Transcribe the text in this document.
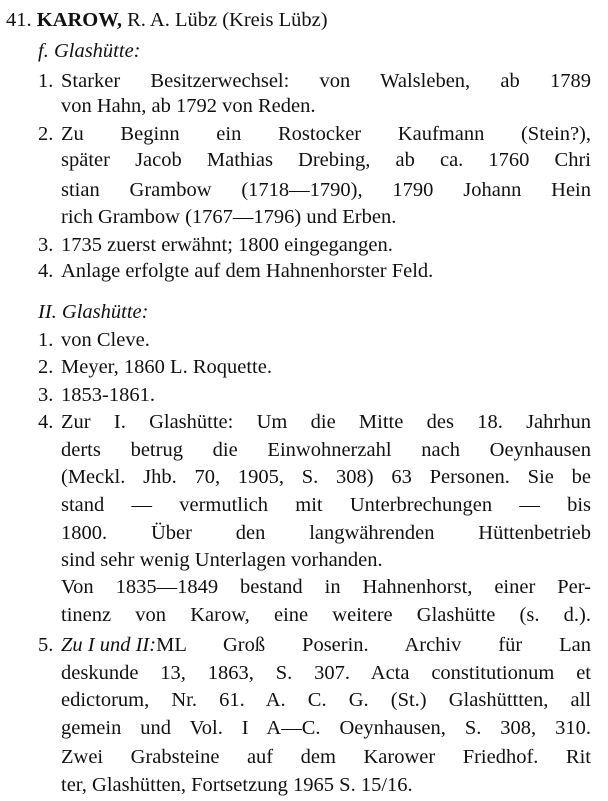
41. KAROW, R. A. Lübz (Kreis Lübz)
f. Glashütte:
1. Starker Besitzerwechsel: von Walsleben, ab 1789
von Hahn, ab 1792 von Reden.
2. Zu Beginn ein Rostocker Kaufmann (Stein?),
später Jacob Mathias Drebing, ab ca. 1760 Chri
stian Grambow (1718—1790), 1790 Johann Hein
rich Grambow (1767—1796) und Erben.
3. 1735 zuerst erwähnt; 1800 eingegangen.
4. Anlage erfolgte auf dem Hahnenhorster Feld.
II. Glashütte:
1. von Cleve.
2. Meyer, 1860 L. Roquette.
3. 1853-1861.
4. Zur I. Glashütte: Um die Mitte des 18. Jahrhun
derts betrug die Einwohnerzahl nach Oeynhausen
(Meckl. Jhb. 70, 1905, S. 308) 63 Personen. Sie be
stand — vermutlich mit Unterbrechungen — bis
1800. Über den langwährenden Hüttenbetrieb
sind sehr wenig Unterlagen vorhanden.
Von 1835—1849 bestand in Hahnenhorst, einer Per-
tinenz von Karow, eine weitere Glashütte (s. d.).
5. Zu I und II: ML Groß Poserin. Archiv für Lan
deskunde 13, 1863, S. 307. Acta constitutionum et
edictorum, Nr. 61. A. C. G. (St.) Glashüttten, all
gemein und Vol. I A—C. Oeynhausen, S. 308, 310.
Zwei Grabsteine auf dem Karower Friedhof. Rit
ter, Glashütten, Fortsetzung 1965 S. 15/16.
